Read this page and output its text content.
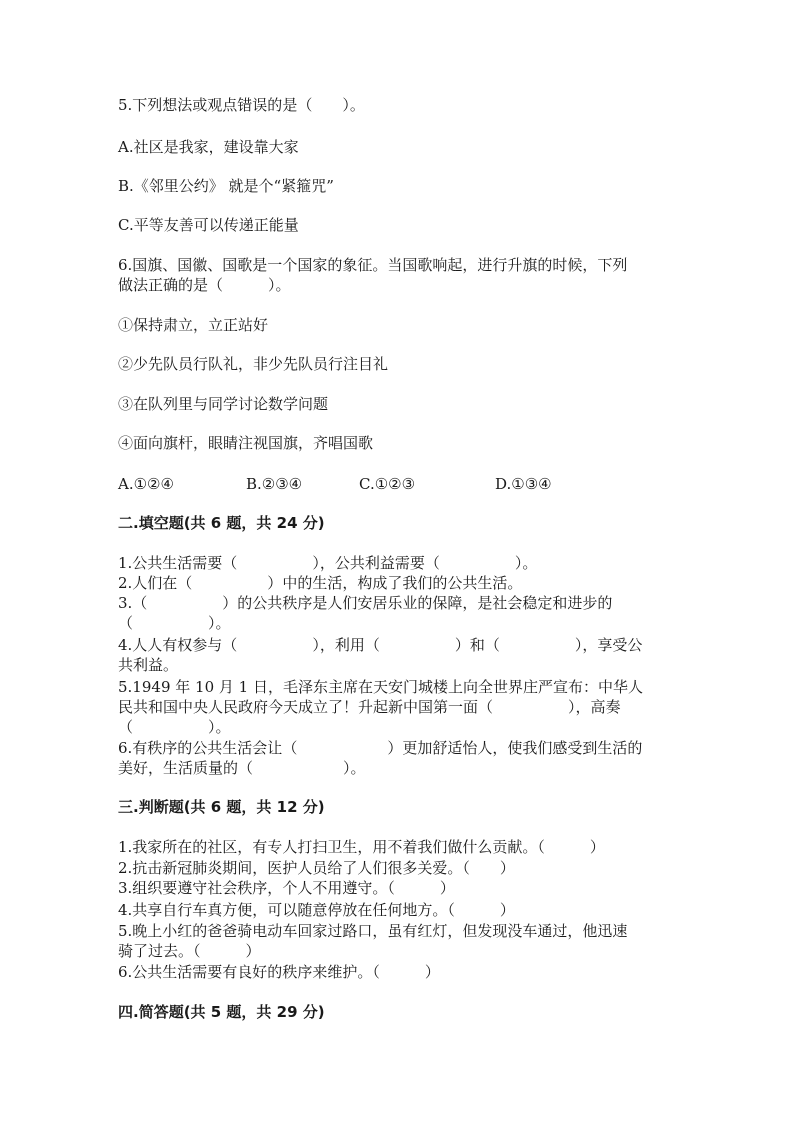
5.下列想法或观点错误的是（　　）。
A.社区是我家，建设靠大家
B.《邻里公约》 就是个“紧箍咒”
C.平等友善可以传递正能量
6.国旗、国徽、国歌是一个国家的象征。当国歌响起，进行升旗的时候，下列
做法正确的是（　　　）。
①保持肃立，立正站好
②少先队员行队礼，非少先队员行注目礼
③在队列里与同学讨论数学问题
④面向旗杆，眼睛注视国旗，齐唱国歌
A.①②④	B.②③④	C.①②③	D.①③④
二.填空题(共 6 题，共 24 分)
1.公共生活需要（　　　　　），公共利益需要（　　　　　）。
2.人们在（　　　　　）中的生活，构成了我们的公共生活。
3.（　　　　　）的公共秩序是人们安居乐业的保障，是社会稳定和进步的
（　　　　　）。
4.人人有权参与（　　　　　），利用（　　　　　）和（　　　　　），享受公
共利益。
5.1949 年 10 月 1 日，毛泽东主席在天安门城楼上向全世界庄严宣布：中华人
民共和国中央人民政府今天成立了！升起新中国第一面（　　　　　），高奏
（　　　　　）。
6.有秩序的公共生活会让（　　　　　　）更加舒适怡人，使我们感受到生活的
美好，生活质量的（　　　　　　）。
三.判断题(共 6 题，共 12 分)
1.我家所在的社区，有专人打扫卫生，用不着我们做什么贡献。（　　　）
2.抗击新冠肺炎期间，医护人员给了人们很多关爱。（　　）
3.组织要遵守社会秩序，个人不用遵守。（　　　）
4.共享自行车真方便，可以随意停放在任何地方。（　　　）
5.晚上小红的爸爸骑电动车回家过路口，虽有红灯，但发现没车通过，他迅速
骑了过去。（　　　）
6.公共生活需要有良好的秩序来维护。（　　　）
四.简答题(共 5 题，共 29 分)
